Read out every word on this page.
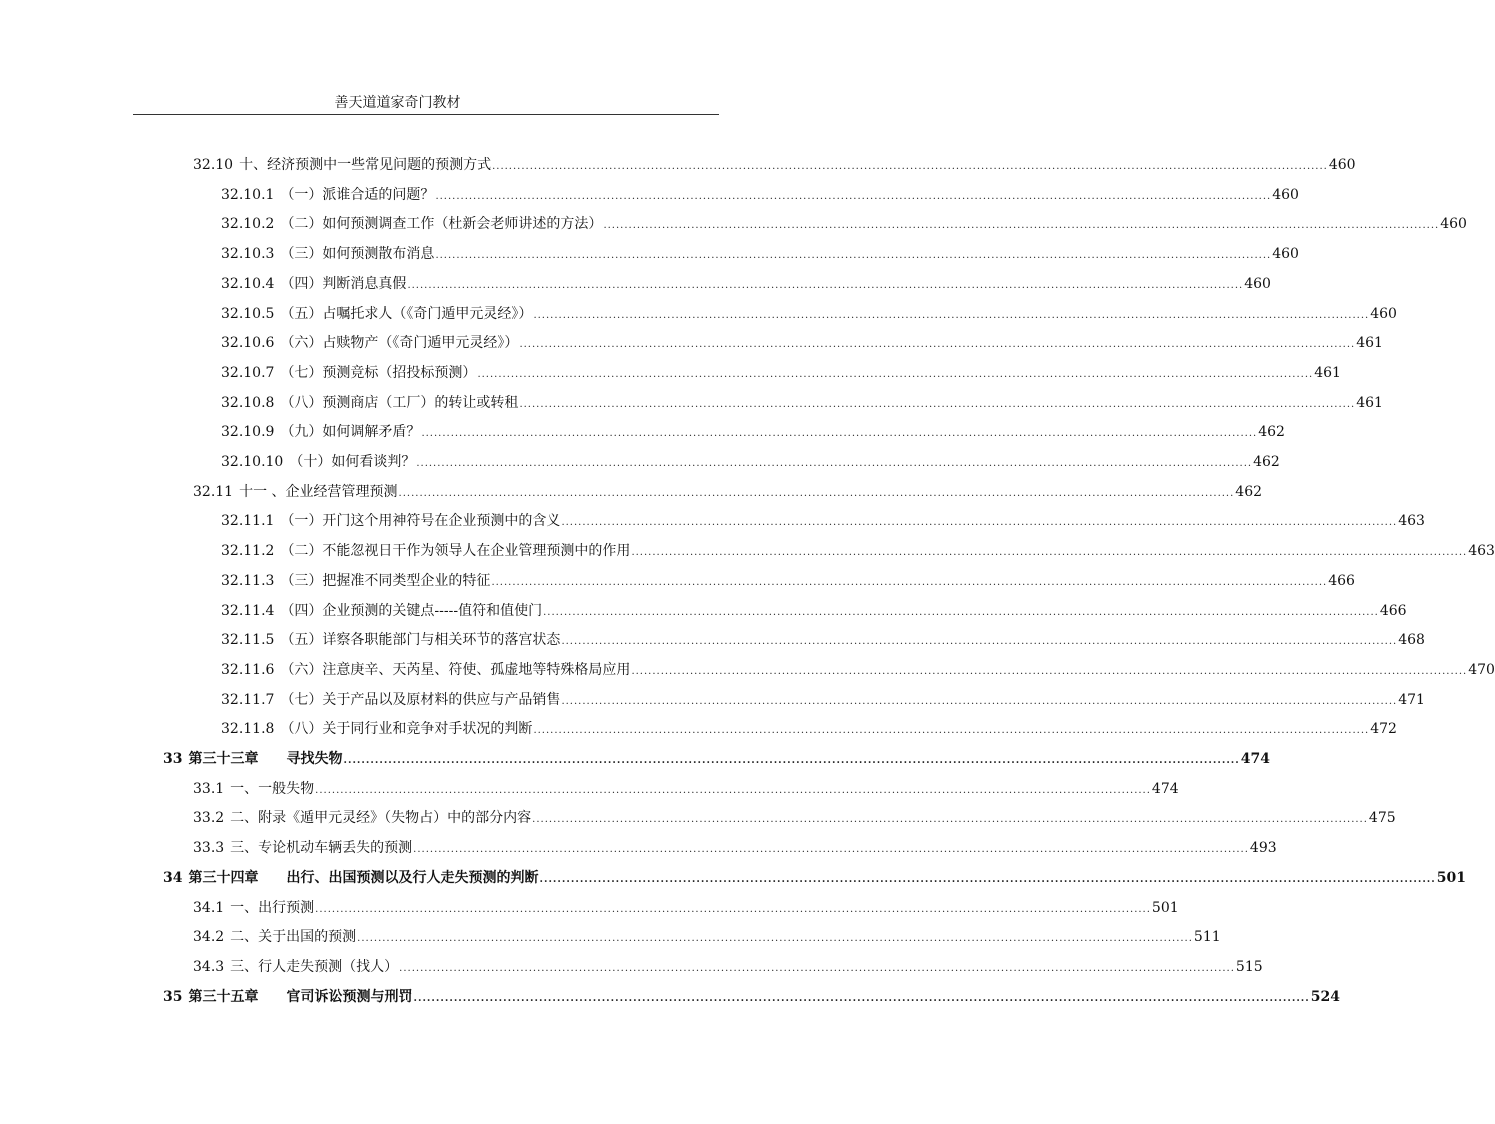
善天道道家奇门教材
32.10 十、经济预测中一些常见问题的预测方式 ........................................................................................................................................................................................................ 460
32.10.1 （一）派谁合适的问题？ ........................................................................................................................................................................................................ 460
32.10.2 （二）如何预测调查工作（杜新会老师讲述的方法） ........................................................................................................................................................................................................ 460
32.10.3 （三）如何预测散布消息 ........................................................................................................................................................................................................ 460
32.10.4 （四）判断消息真假 ........................................................................................................................................................................................................ 460
32.10.5 （五）占嘱托求人（《奇门遁甲元灵经》） ........................................................................................................................................................................................................ 460
32.10.6 （六）占赎物产（《奇门遁甲元灵经》） ........................................................................................................................................................................................................ 461
32.10.7 （七）预测竞标（招投标预测） ........................................................................................................................................................................................................ 461
32.10.8 （八）预测商店（工厂）的转让或转租 ........................................................................................................................................................................................................ 461
32.10.9 （九）如何调解矛盾？ ........................................................................................................................................................................................................ 462
32.10.10 （十）如何看谈判？ ........................................................................................................................................................................................................ 462
32.11 十一 、企业经营管理预测 ........................................................................................................................................................................................................ 462
32.11.1 （一）开门这个用神符号在企业预测中的含义 ........................................................................................................................................................................................................ 463
32.11.2 （二）不能忽视日干作为领导人在企业管理预测中的作用 ........................................................................................................................................................................................................ 463
32.11.3 （三）把握准不同类型企业的特征 ........................................................................................................................................................................................................ 466
32.11.4 （四）企业预测的关键点-----值符和值使门 ........................................................................................................................................................................................................ 466
32.11.5 （五）详察各职能部门与相关环节的落宫状态 ........................................................................................................................................................................................................ 468
32.11.6 （六）注意庚辛、天芮星、符使、孤虚地等特殊格局应用 ........................................................................................................................................................................................................ 470
32.11.7 （七）关于产品以及原材料的供应与产品销售 ........................................................................................................................................................................................................ 471
32.11.8 （八）关于同行业和竞争对手状况的判断 ........................................................................................................................................................................................................ 472
33 第三十三章　　寻找失物 ........................................................................................................................................................................................................ 474
33.1 一、一般失物 ........................................................................................................................................................................................................ 474
33.2 二、附录《遁甲元灵经》（失物占）中的部分内容 ........................................................................................................................................................................................................ 475
33.3 三、专论机动车辆丢失的预测 ........................................................................................................................................................................................................ 493
34 第三十四章　　出行、出国预测以及行人走失预测的判断 ........................................................................................................................................................................................................ 501
34.1 一、出行预测 ........................................................................................................................................................................................................ 501
34.2 二、关于出国的预测 ........................................................................................................................................................................................................ 511
34.3 三、行人走失预测（找人） ........................................................................................................................................................................................................ 515
35 第三十五章　　官司诉讼预测与刑罚 ........................................................................................................................................................................................................ 524
